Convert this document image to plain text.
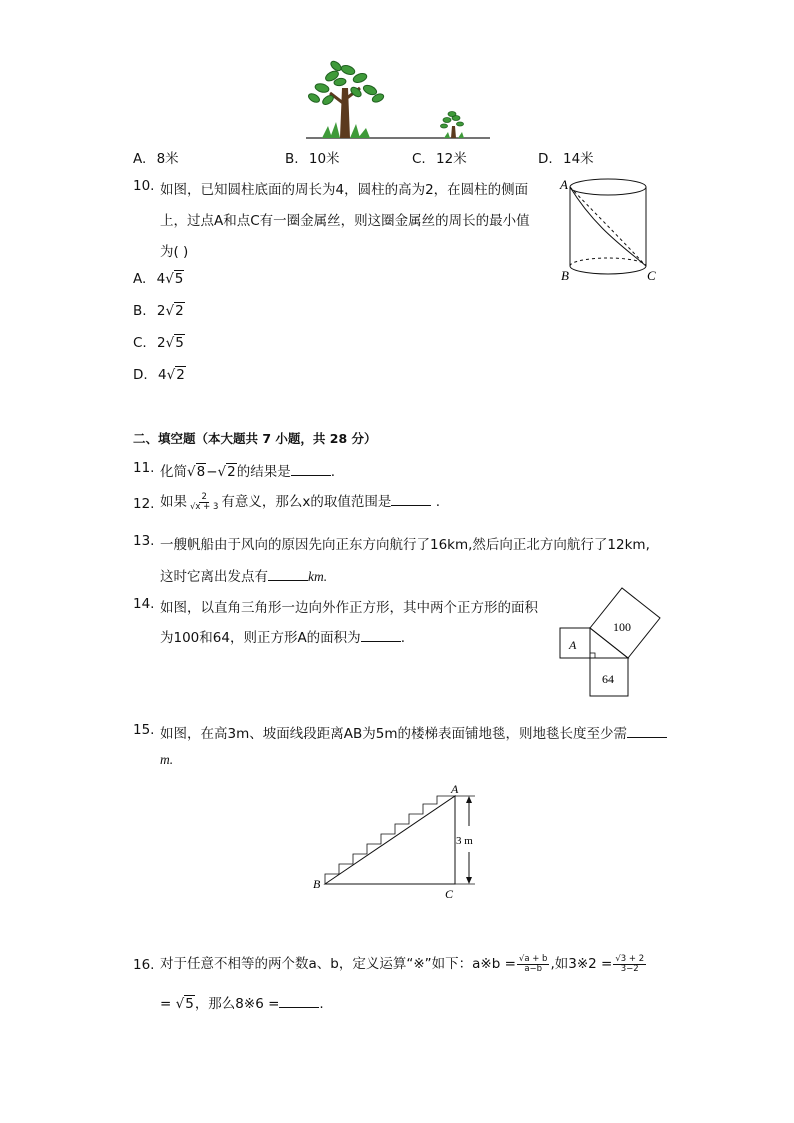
A. 8米	B. 10米	C. 12米	D. 14米
10. 如图，已知圆柱底面的周长为4，圆柱的高为2，在圆柱的侧面
上，过点A和点C有一圈金属丝，则这圈金属丝的周长的最小值
为( )
A. 4√5
B. 2√2
C. 2√5
D. 4√2
A
B	C
二、填空题（本大题共 7 小题，共 28 分）
11. 化简√8−√2的结果是	.
12. 如果 $\frac{2}{√x + 3}$ 有意义，那么x的取值范围是	.
13. 一艘帆船由于风向的原因先向正东方向航行了16km,然后向正北方向航行了12km,
这时它离出发点有	km.
14. 如图，以直角三角形一边向外作正方形，其中两个正方形的面积
为100和64，则正方形A的面积为	.	A
100
64
15. 如图，在高3m、坡面线段距离AB为5m的楼梯表面铺地毯，则地毯长度至少需
m.
3 m
A
B
C
16. 对于任意不相等的两个数a、b，定义运算“※”如下：a※b = $\frac{√a + b}{a-b}$ ,如3※2 = $\frac{√3 + 2}{3-2}$
= √5，那么8※6 =	.
